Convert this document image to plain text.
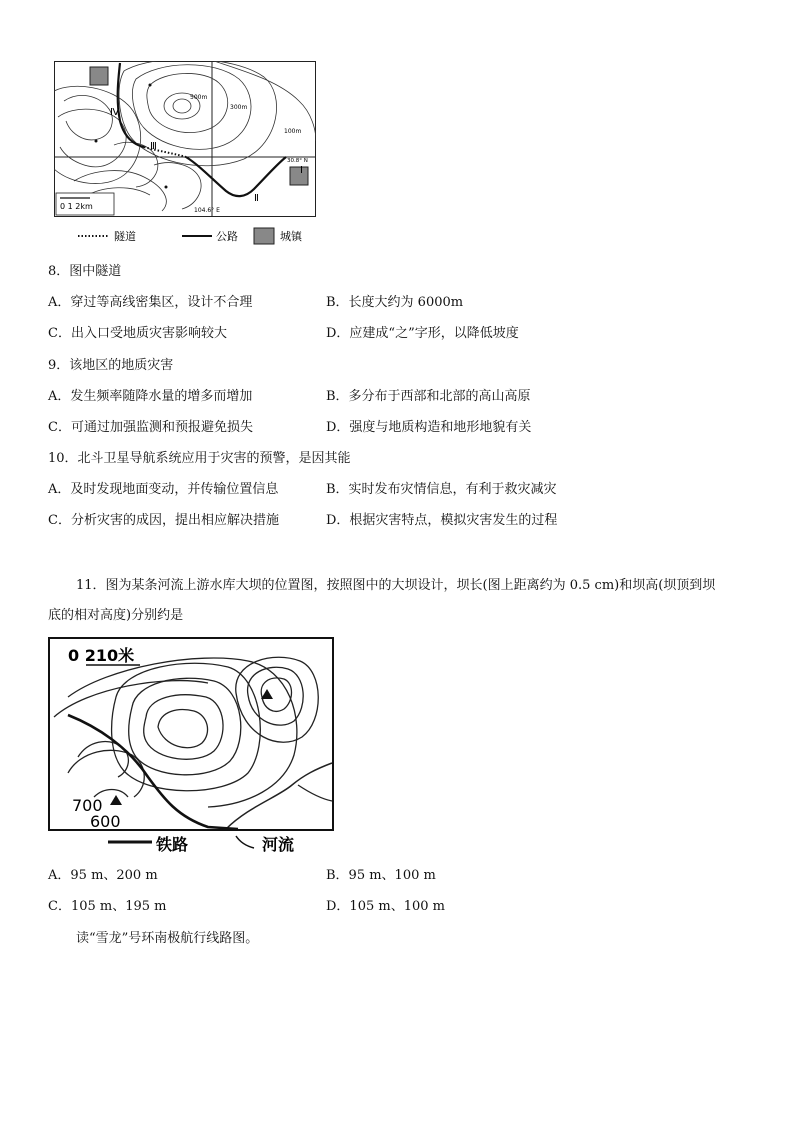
Ⅳ
Ⅲ
Ⅰ
Ⅱ
500m
300m
100m
30.8° N
104.6° E
0 1 2km
隧道	公路	城镇
8．图中隧道
A．穿过等高线密集区，设计不合理	B．长度大约为 6000m
C．出入口受地质灾害影响较大	D．应建成“之”字形，以降低坡度
9．该地区的地质灾害
A．发生频率随降水量的增多而增加	B．多分布于西部和北部的高山高原
C．可通过加强监测和预报避免损失	D．强度与地质构造和地形地貌有关
10．北斗卫星导航系统应用于灾害的预警，是因其能
A．及时发现地面变动，并传输位置信息	B．实时发布灾情信息，有利于救灾减灾
C．分析灾害的成因，提出相应解决措施	D．根据灾害特点，模拟灾害发生的过程
11．图为某条河流上游水库大坝的位置图，按照图中的大坝设计，坝长(图上距离约为 0.5 cm)和坝高(坝顶到坝
底的相对高度)分别约是
0 210米
700
600
铁路	河流
A．95 m、200 m	B．95 m、100 m
C．105 m、195 m	D．105 m、100 m
读“雪龙”号环南极航行线路图。
